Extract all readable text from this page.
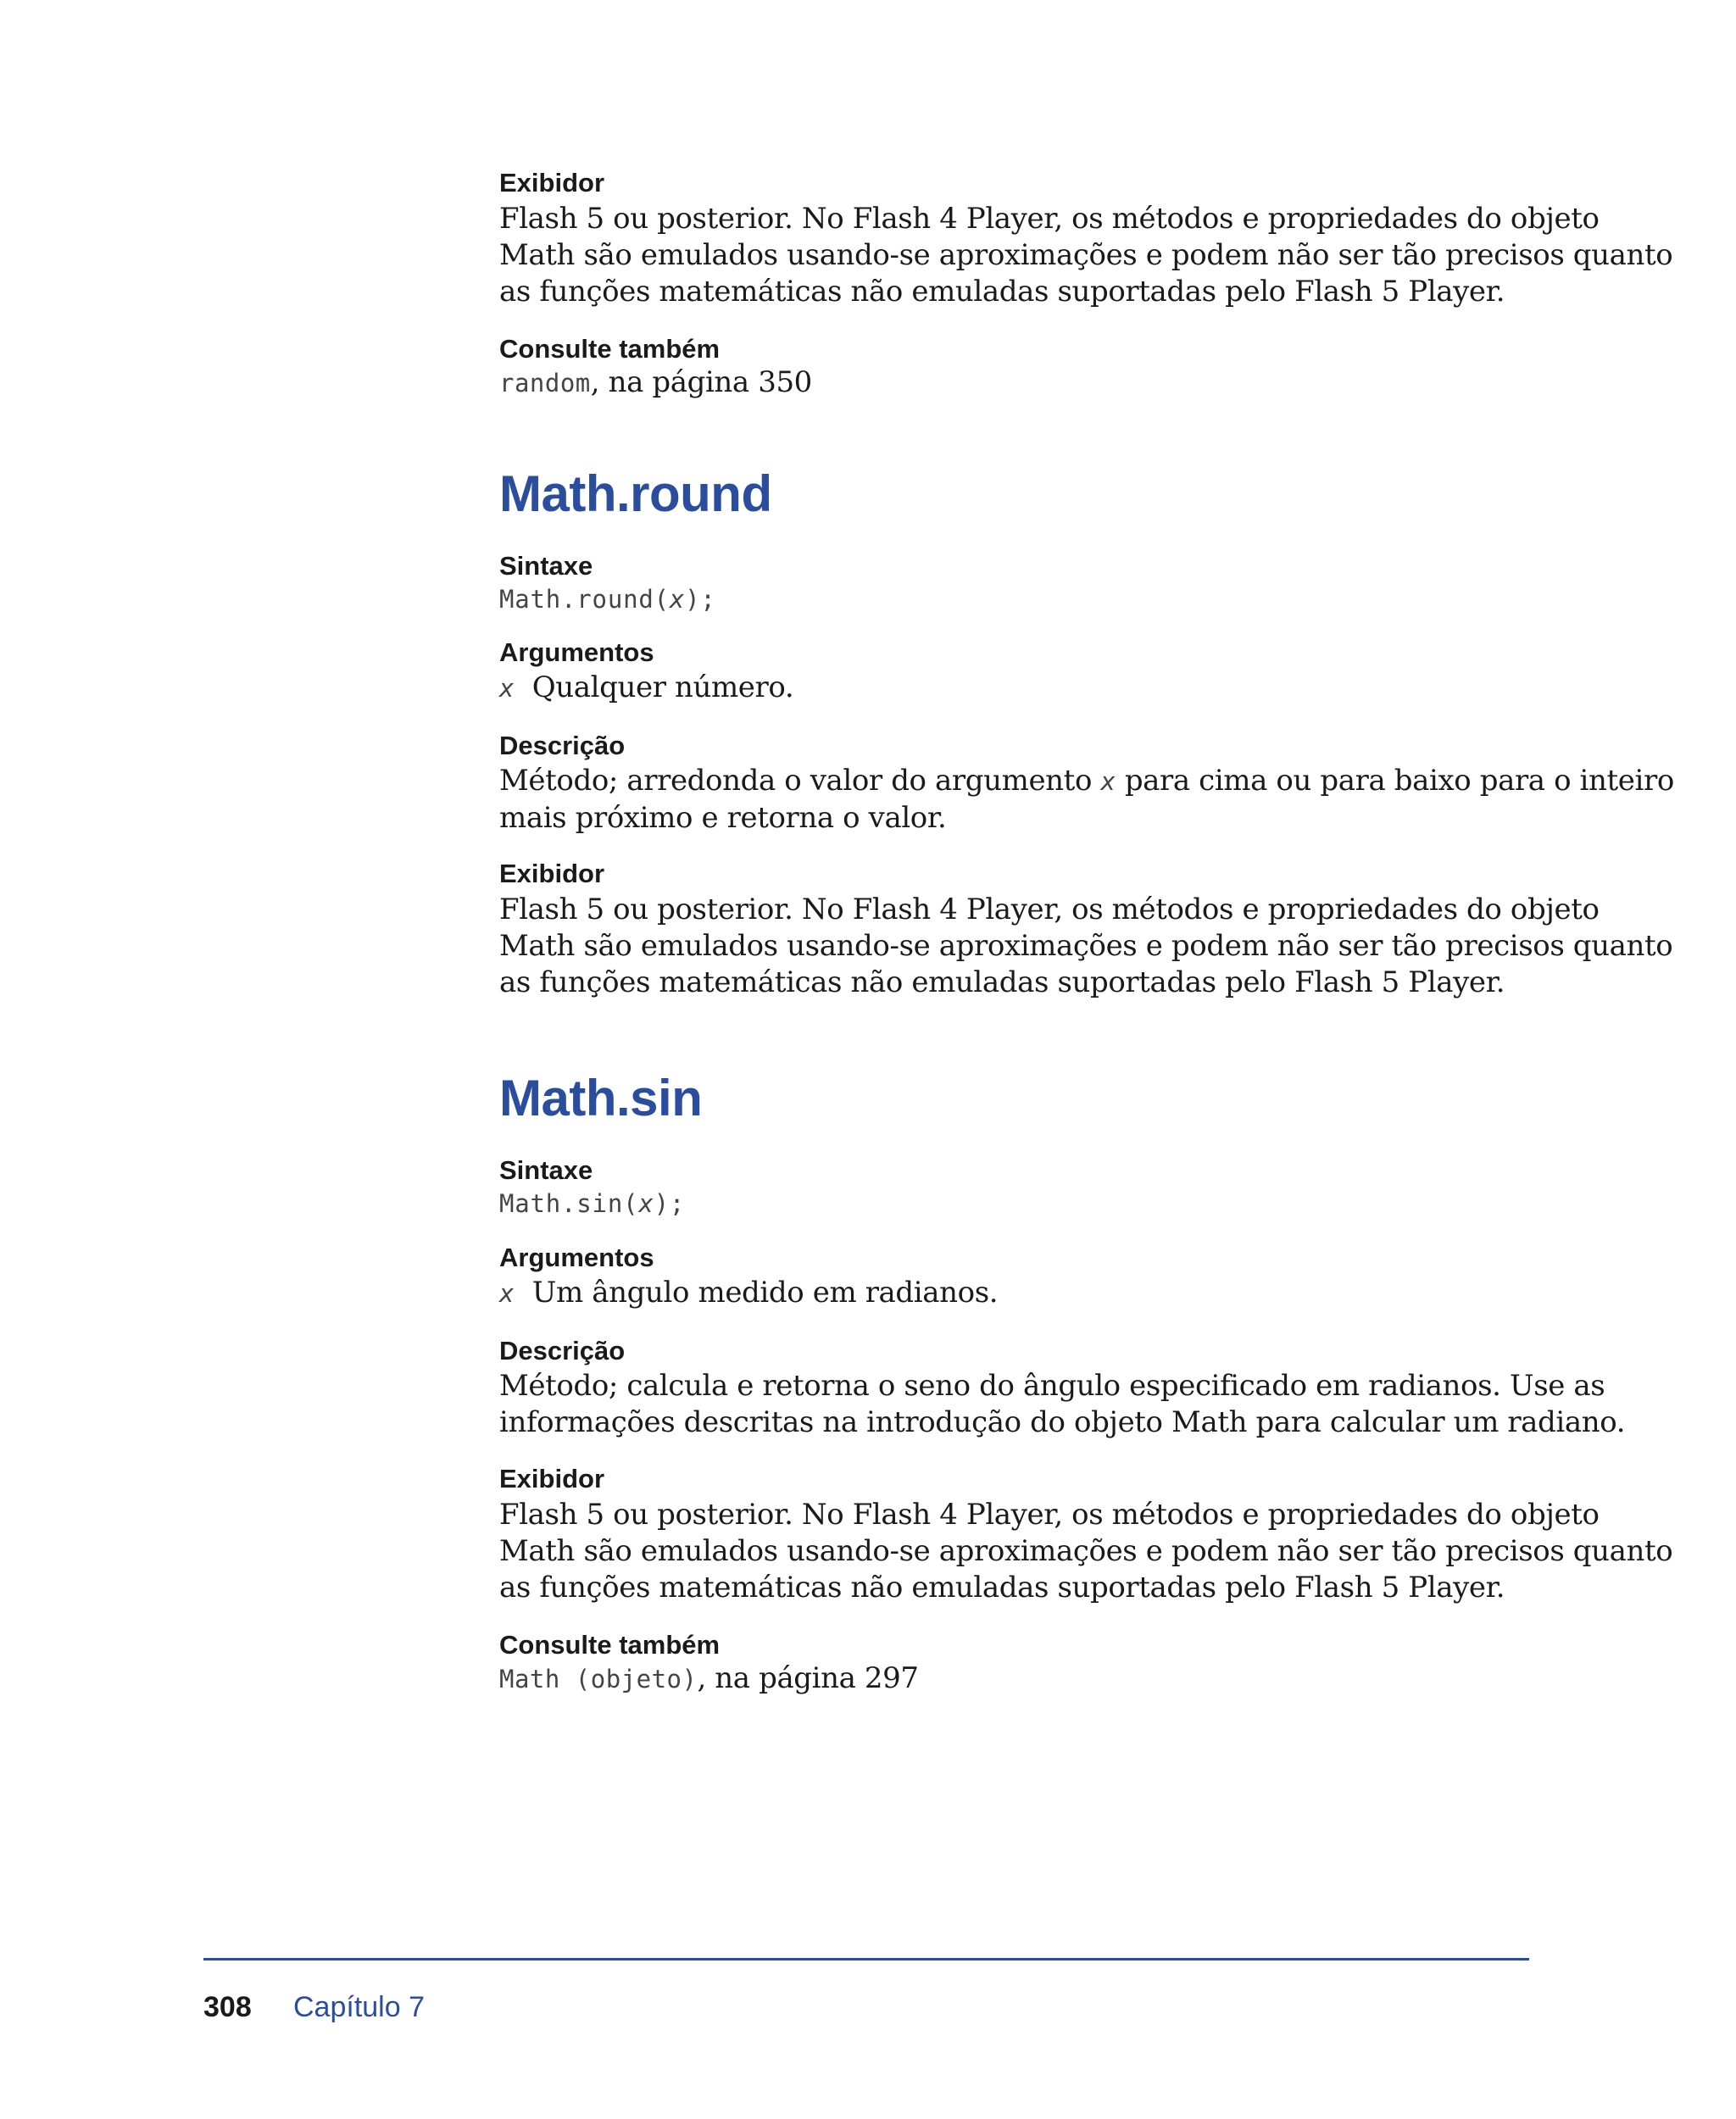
Exibidor
Flash 5 ou posterior. No Flash 4 Player, os métodos e propriedades do objeto
Math são emulados usando-se aproximações e podem não ser tão precisos quanto
as funções matemáticas não emuladas suportadas pelo Flash 5 Player.
Consulte também
random, na página 350
Math.round
Sintaxe
Math.round(x);
Argumentos
x Qualquer número.
Descrição
Método; arredonda o valor do argumento x para cima ou para baixo para o inteiro
mais próximo e retorna o valor.
Exibidor
Flash 5 ou posterior. No Flash 4 Player, os métodos e propriedades do objeto
Math são emulados usando-se aproximações e podem não ser tão precisos quanto
as funções matemáticas não emuladas suportadas pelo Flash 5 Player.
Math.sin
Sintaxe
Math.sin(x);
Argumentos
x Um ângulo medido em radianos.
Descrição
Método; calcula e retorna o seno do ângulo especificado em radianos. Use as
informações descritas na introdução do objeto Math para calcular um radiano.
Exibidor
Flash 5 ou posterior. No Flash 4 Player, os métodos e propriedades do objeto
Math são emulados usando-se aproximações e podem não ser tão precisos quanto
as funções matemáticas não emuladas suportadas pelo Flash 5 Player.
Consulte também
Math (objeto), na página 297
308 Capítulo 7
